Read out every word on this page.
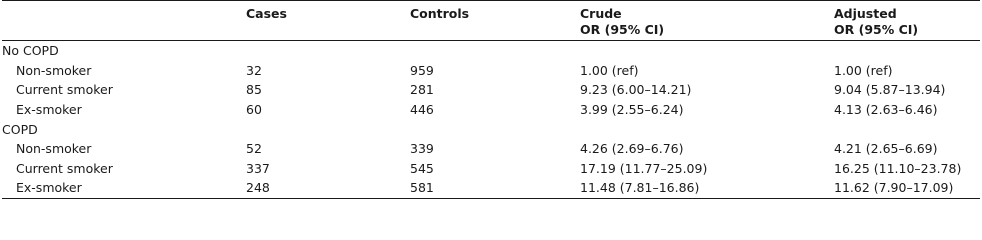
	Cases	Controls	Crude	Adjusted
			OR (95% CI)	OR (95% CI)
No COPD				
Non-smoker	32	959	1.00 (ref)	1.00 (ref)
Current smoker	85	281	9.23 (6.00–14.21)	9.04 (5.87–13.94)
Ex-smoker	60	446	3.99 (2.55–6.24)	4.13 (2.63–6.46)
COPD				
Non-smoker	52	339	4.26 (2.69–6.76)	4.21 (2.65–6.69)
Current smoker	337	545	17.19 (11.77–25.09)	16.25 (11.10–23.78)
Ex-smoker	248	581	11.48 (7.81–16.86)	11.62 (7.90–17.09)
